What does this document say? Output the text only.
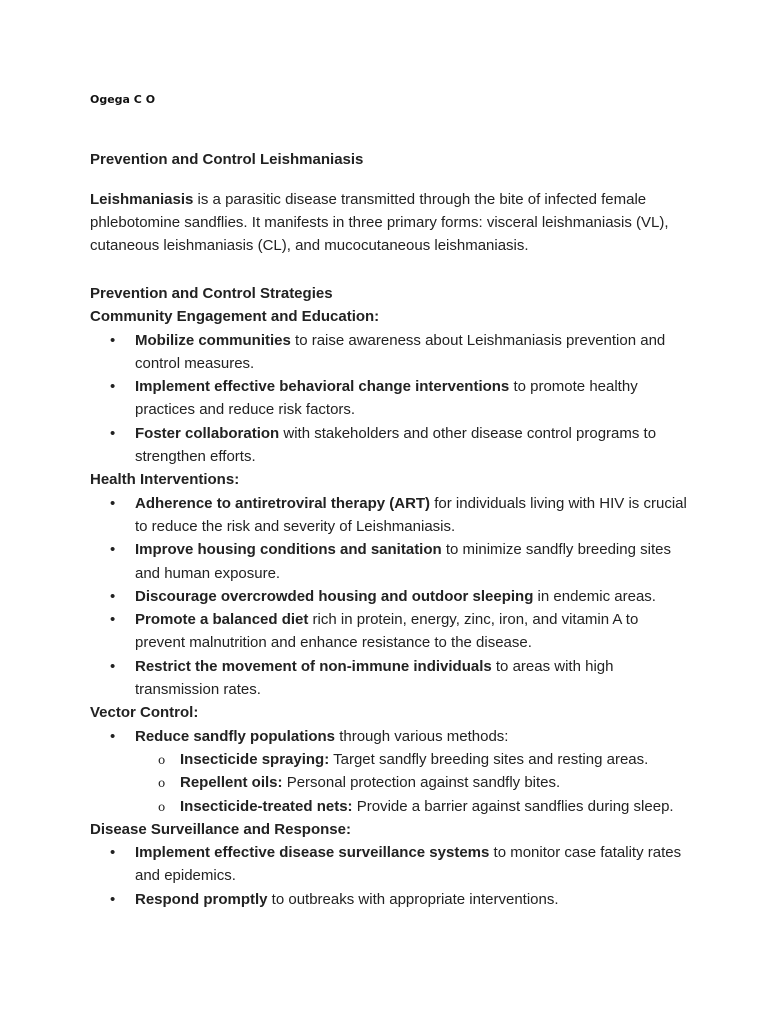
Ogega C O
Prevention and Control Leishmaniasis

Leishmaniasis is a parasitic disease transmitted through the bite of infected female phlebotomine sandflies. It manifests in three primary forms: visceral leishmaniasis (VL), cutaneous leishmaniasis (CL), and mucocutaneous leishmaniasis.

Prevention and Control Strategies

Community Engagement and Education:

• Mobilize communities to raise awareness about Leishmaniasis prevention and control measures.
• Implement effective behavioral change interventions to promote healthy practices and reduce risk factors.
• Foster collaboration with stakeholders and other disease control programs to strengthen efforts.

Health Interventions:

• Adherence to antiretroviral therapy (ART) for individuals living with HIV is crucial to reduce the risk and severity of Leishmaniasis.
• Improve housing conditions and sanitation to minimize sandfly breeding sites and human exposure.
• Discourage overcrowded housing and outdoor sleeping in endemic areas.
• Promote a balanced diet rich in protein, energy, zinc, iron, and vitamin A to prevent malnutrition and enhance resistance to the disease.
• Restrict the movement of non-immune individuals to areas with high transmission rates.

Vector Control:

• Reduce sandfly populations through various methods:
o Insecticide spraying: Target sandfly breeding sites and resting areas.
o Repellent oils: Personal protection against sandfly bites.
o Insecticide-treated nets: Provide a barrier against sandflies during sleep.

Disease Surveillance and Response:

• Implement effective disease surveillance systems to monitor case fatality rates and epidemics.
• Respond promptly to outbreaks with appropriate interventions.
